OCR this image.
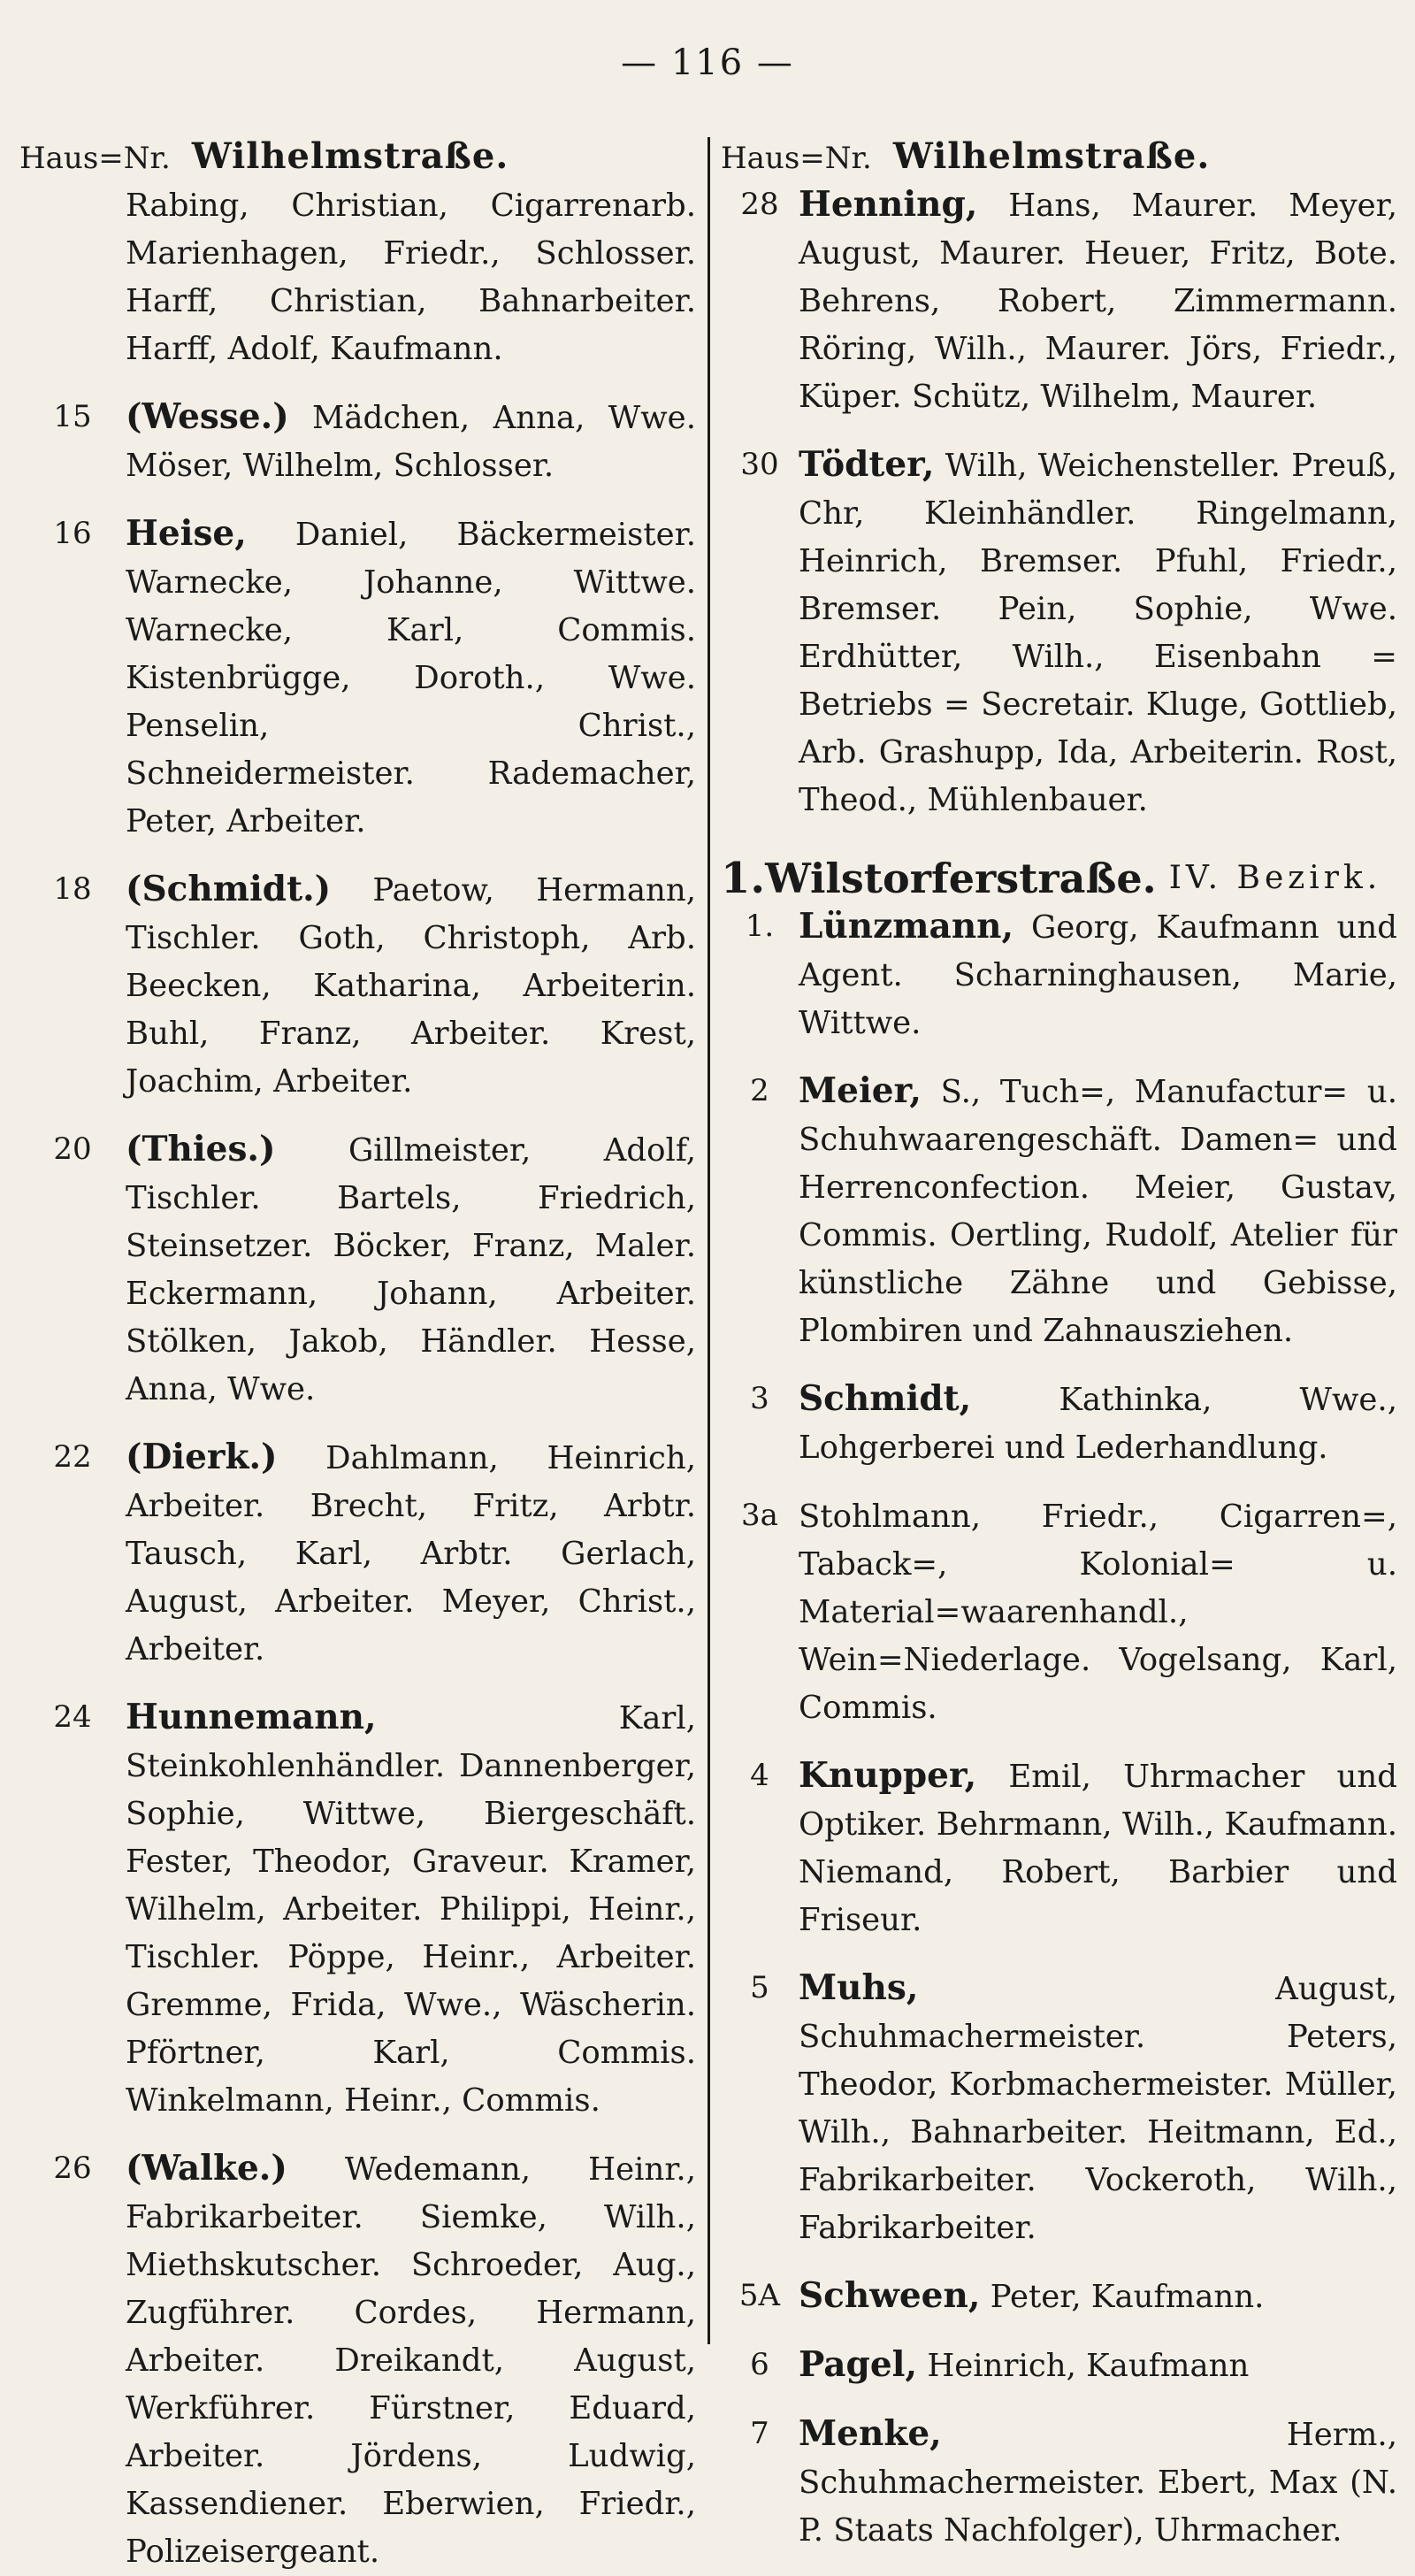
— 116 —
Haus=Nr. Wilhelmstraße.
Rabing, Christian, Cigarrenarb. Marienhagen, Friedr., Schlosser. Harff, Christian, Bahnarbeiter. Harff, Adolf, Kaufmann.
15 (Wesse.) Mädchen, Anna, Wwe. Möser, Wilhelm, Schlosser.
16 Heise, Daniel, Bäckermeister. Warnecke, Johanne, Wittwe. Warnecke, Karl, Commis. Kistenbrügge, Doroth., Wwe. Penselin, Christ., Schneidermeister. Rademacher, Peter, Arbeiter.
18 (Schmidt.) Paetow, Hermann, Tischler. Goth, Christoph, Arb. Beecken, Katharina, Arbeiterin. Buhl, Franz, Arbeiter. Krest, Joachim, Arbeiter.
20 (Thies.) Gillmeister, Adolf, Tischler. Bartels, Friedrich, Steinsetzer. Böcker, Franz, Maler. Eckermann, Johann, Arbeiter. Stölken, Jakob, Händler. Hesse, Anna, Wwe.
22 (Dierk.) Dahlmann, Heinrich, Arbeiter. Brecht, Fritz, Arbtr. Tausch, Karl, Arbtr. Gerlach, August, Arbeiter. Meyer, Christ., Arbeiter.
24 Hunnemann,	Karl, Steinkohlenhändler. Dannenberger, Sophie, Wittwe, Biergeschäft. Fester, Theodor, Graveur. Kramer, Wilhelm, Arbeiter. Philippi, Heinr., Tischler. Pöppe, Heinr., Arbeiter. Gremme, Frida, Wwe., Wäscherin. Pförtner, Karl, Commis. Winkelmann, Heinr., Commis.
26 (Walke.) Wedemann, Heinr., Fabrikarbeiter. Siemke, Wilh., Miethskutscher. Schroeder, Aug., Zugführer. Cordes, Hermann, Arbeiter. Dreikandt, August, Werkführer. Fürstner, Eduard, Arbeiter. Jördens, Ludwig, Kassendiener. Eberwien, Friedr., Polizeisergeant.
Haus=Nr. Wilhelmstraße.
28 Henning, Hans, Maurer. Meyer, August, Maurer. Heuer, Fritz, Bote. Behrens, Robert, Zimmermann. Röring, Wilh., Maurer. Jörs, Friedr., Küper. Schütz, Wilhelm, Maurer.
30 Tödter, Wilh, Weichensteller. Preuß, Chr, Kleinhändler. Ringelmann, Heinrich, Bremser. Pfuhl, Friedr., Bremser. Pein, Sophie, Wwe. Erdhütter, Wilh., Eisenbahn = Betriebs = Secretair. Kluge, Gottlieb, Arb. Grashupp, Ida, Arbeiterin. Rost, Theod., Mühlenbauer.
1. Wilstorferstraße. IV. Bezirk.
1. Lünzmann, Georg, Kaufmann und Agent. Scharninghausen, Marie, Wittwe.
2 Meier, S., Tuch=, Manufactur= u. Schuhwaarengeschäft. Damen= und Herrenconfection. Meier, Gustav, Commis. Oertling, Rudolf, Atelier für künstliche Zähne und Gebisse, Plombiren und Zahnausziehen.
3 Schmidt,	Kathinka, Wwe., Lohgerberei und Lederhandlung.
3a Stohlmann, Friedr., Cigarren=, Taback=, Kolonial= u. Material=waarenhandl., Wein=Niederlage. Vogelsang, Karl, Commis.
4 Knupper, Emil, Uhrmacher und Optiker. Behrmann, Wilh., Kaufmann. Niemand, Robert, Barbier und Friseur.
5 Muhs,	August, Schuhmachermeister. Peters, Theodor, Korbmachermeister. Müller, Wilh., Bahnarbeiter. Heitmann, Ed., Fabrikarbeiter. Vockeroth, Wilh., Fabrikarbeiter.
5A Schween, Peter, Kaufmann.
6 Pagel, Heinrich, Kaufmann
7 Menke,	Herm., Schuhmachermeister. Ebert, Max (N. P. Staats Nachfolger), Uhrmacher.
